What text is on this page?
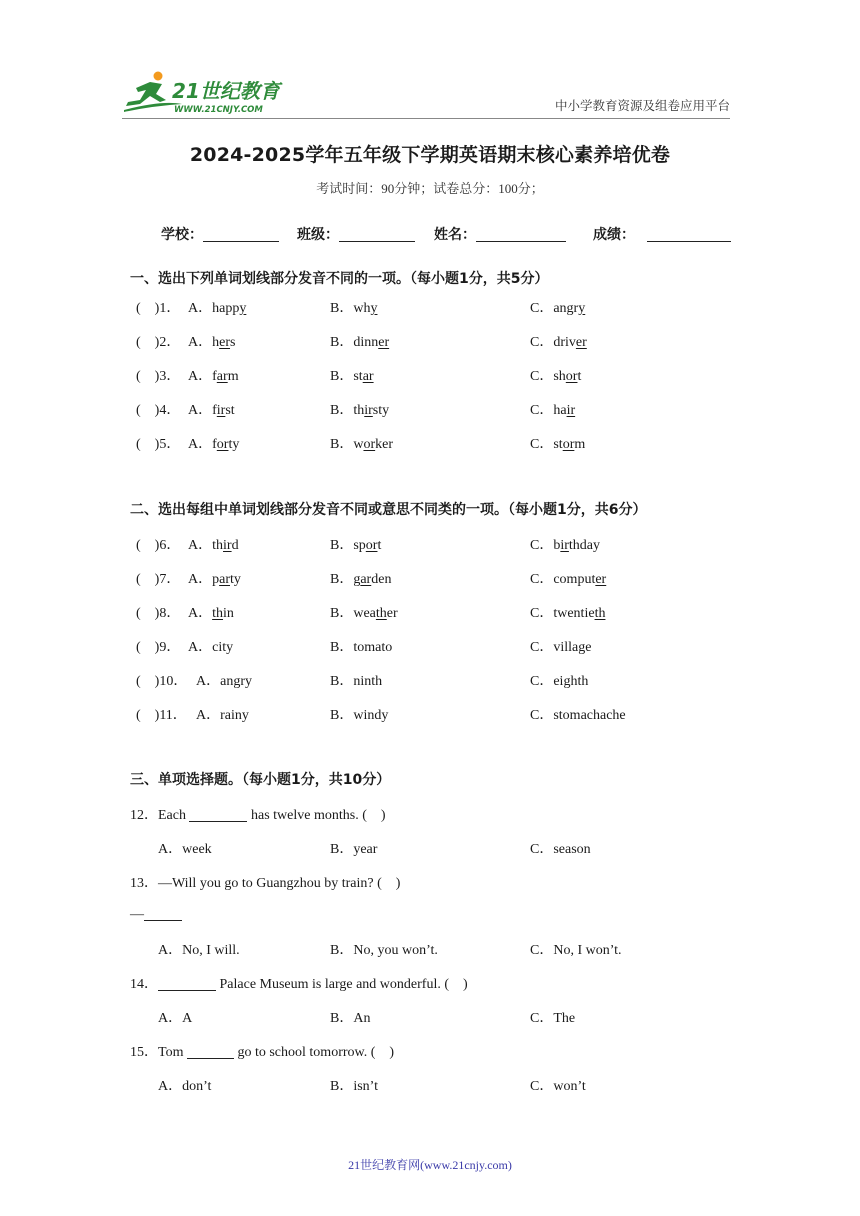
21世纪教育
WWW.21CNJY.COM	中小学教育资源及组卷应用平台
2024-2025学年五年级下学期英语期末核心素养培优卷
考试时间：90分钟；试卷总分：100分；
学校：	班级：	姓名：	成绩：
一、选出下列单词划线部分发音不同的一项。（每小题1分，共5分）
( )1． A．happy	B．why	C．angry
( )2． A．hers	B．dinner	C．driver
( )3． A．farm	B．star	C．short
( )4． A．first	B．thirsty	C．hair
( )5． A．forty	B．worker	C．storm
二、选出每组中单词划线部分发音不同或意思不同类的一项。（每小题1分，共6分）
( )6． A．third	B．sport	C．birthday
( )7． A．party	B．garden	C．computer
( )8． A．thin	B．weather	C．twentieth
( )9． A．city	B．tomato	C．village
( )10． A．angry	B．ninth	C．eighth
( )11． A．rainy	B．windy	C．stomachache
三、单项选择题。（每小题1分，共10分）
12．Each	has twelve months. ( )
A．week	B．year	C．season
13．—Will you go to Guangzhou by train? ( )
—
A．No, I will.	B．No, you won’t.	C．No, I won’t.
14．	Palace Museum is large and wonderful. ( )
A．A	B．An	C．The
15．Tom	go to school tomorrow. ( )
A．don’t	B．isn’t	C．won’t
21世纪教育网(www.21cnjy.com)
